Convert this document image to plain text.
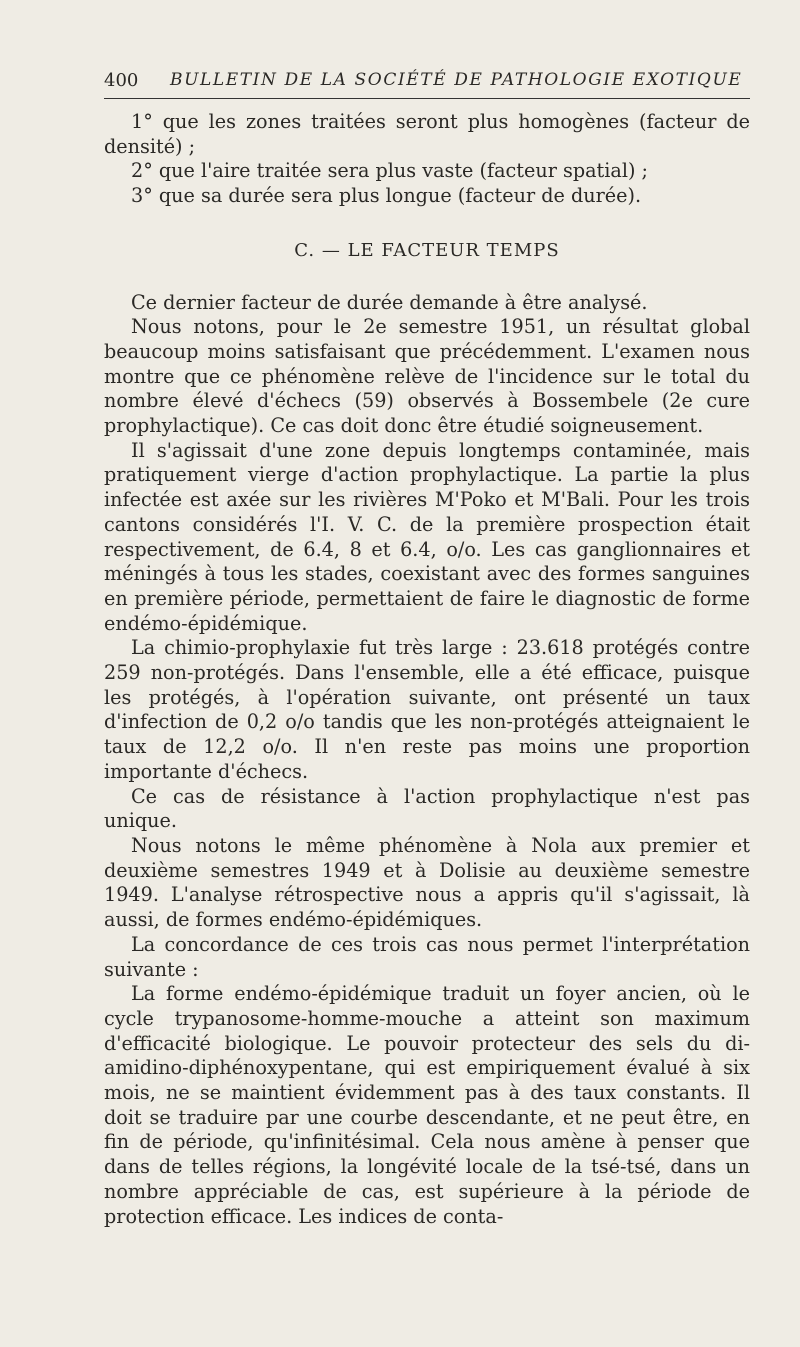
400 BULLETIN DE LA SOCIÉTÉ DE PATHOLOGIE EXOTIQUE

1° que les zones traitées seront plus homogènes (facteur de densité) ;

2° que l'aire traitée sera plus vaste (facteur spatial) ;

3° que sa durée sera plus longue (facteur de durée).

C. — LE FACTEUR TEMPS

Ce dernier facteur de durée demande à être analysé.

Nous notons, pour le 2e semestre 1951, un résultat global beaucoup moins satisfaisant que précédemment. L'examen nous montre que ce phénomène relève de l'incidence sur le total du nombre élevé d'échecs (59) observés à Bossembele (2e cure prophylactique). Ce cas doit donc être étudié soigneusement.

Il s'agissait d'une zone depuis longtemps contaminée, mais pratiquement vierge d'action prophylactique. La partie la plus infectée est axée sur les rivières M'Poko et M'Bali. Pour les trois cantons considérés l'I. V. C. de la première prospection était respectivement, de 6.4, 8 et 6.4, o/o. Les cas ganglionnaires et méningés à tous les stades, coexistant avec des formes sanguines en première période, permettaient de faire le diagnostic de forme endémo-épidémique.

La chimio-prophylaxie fut très large : 23.618 protégés contre 259 non-protégés. Dans l'ensemble, elle a été efficace, puisque les protégés, à l'opération suivante, ont présenté un taux d'infection de 0,2 o/o tandis que les non-protégés atteignaient le taux de 12,2 o/o. Il n'en reste pas moins une proportion importante d'échecs.

Ce cas de résistance à l'action prophylactique n'est pas unique.

Nous notons le même phénomène à Nola aux premier et deuxième semestres 1949 et à Dolisie au deuxième semestre 1949. L'analyse rétrospective nous a appris qu'il s'agissait, là aussi, de formes endémo-épidémiques.

La concordance de ces trois cas nous permet l'interprétation suivante :

La forme endémo-épidémique traduit un foyer ancien, où le cycle trypanosome-homme-mouche a atteint son maximum d'efficacité biologique. Le pouvoir protecteur des sels du di-amidino-diphénoxypentane, qui est empiriquement évalué à six mois, ne se maintient évidemment pas à des taux constants. Il doit se traduire par une courbe descendante, et ne peut être, en fin de période, qu'infinitésimal. Cela nous amène à penser que dans de telles régions, la longévité locale de la tsé-tsé, dans un nombre appréciable de cas, est supérieure à la période de protection efficace. Les indices de conta-
